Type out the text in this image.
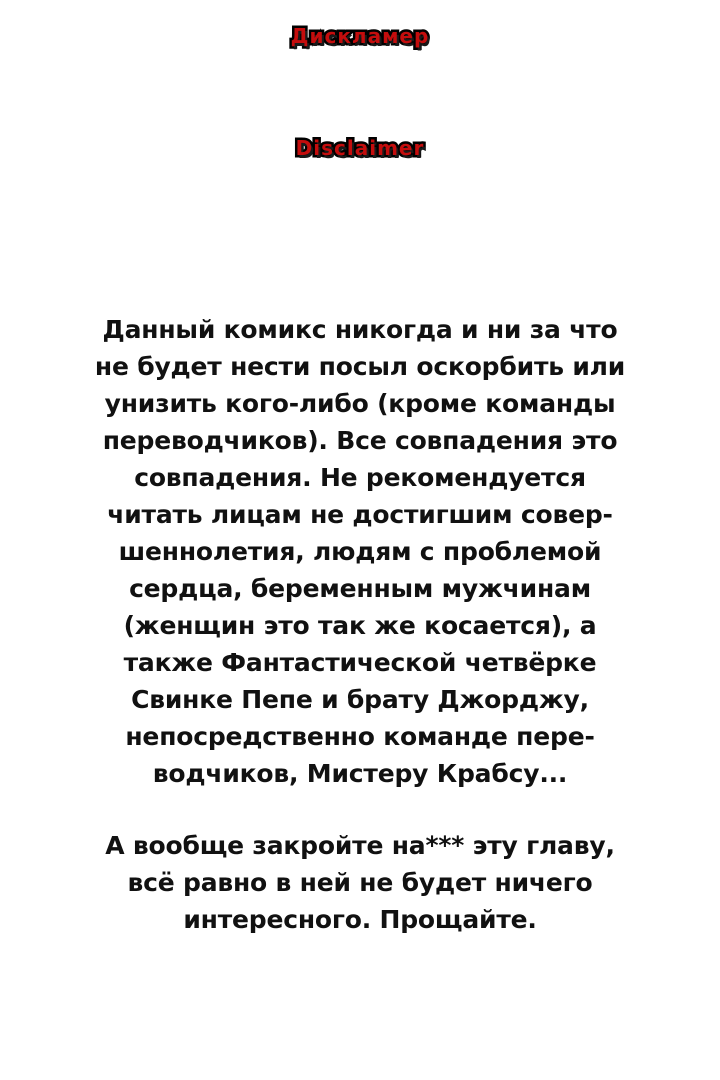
Дискламер
Disclaimer
Данный комикс никогда и ни за что
не будет нести посыл оскорбить или
унизить кого-либо (кроме команды
переводчиков). Все совпадения это
совпадения. Не рекомендуется
читать лицам не достигшим совер-
шеннолетия, людям с проблемой
сердца, беременным мужчинам
(женщин это так же косается), а
также Фантастической четвёрке
Свинке Пепе и брату Джорджу,
непосредственно команде пере-
водчиков, Мистеру Крабсу...
А вообще закройте на*** эту главу,
всё равно в ней не будет ничего
интересного. Прощайте.
